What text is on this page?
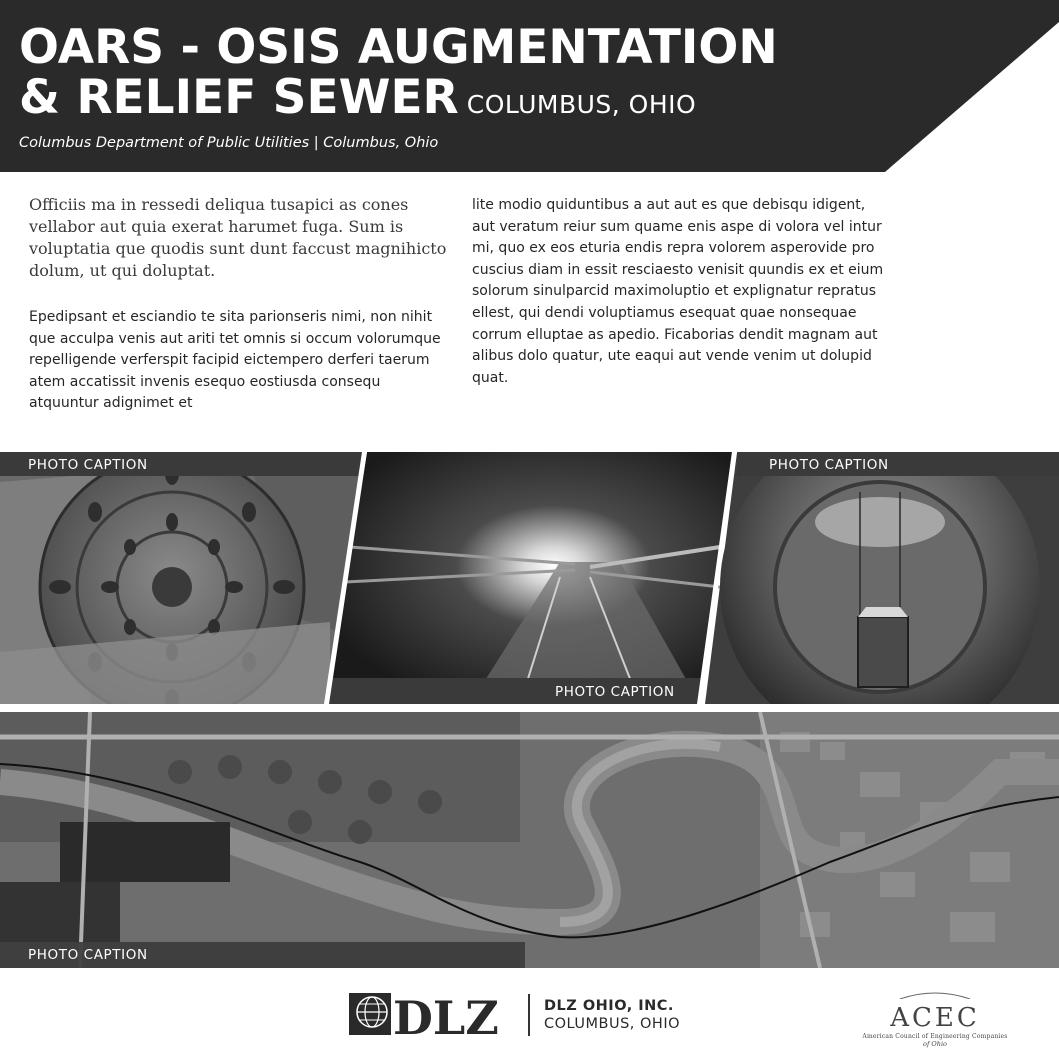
OARS - OSIS AUGMENTATION
& RELIEF SEWER COLUMBUS, OHIO
Columbus Department of Public Utilities | Columbus, Ohio

Officiis ma in ressedi deliqua tusapici as cones vellabor aut quia exerat harumet fuga. Sum is voluptatia que quodis sunt dunt faccust magnihicto dolum, ut qui doluptat.

Epedipsant et esciandio te sita parionseris nimi, non nihit que acculpa venis aut ariti tet omnis si occum volorumque repelligende verferspit facipid eictempero derferi taerum atem accatissit invenis esequo eostiusda consequ atquuntur adignimet et

lite modio quiduntibus a aut aut es que debisqu idigent, aut veratum reiur sum quame enis aspe di volora vel intur mi, quo ex eos eturia endis repra volorem asperovide pro cuscius diam in essit resciaesto venisit quundis ex et eium solorum sinulparcid maximoluptio et explignatur repratus ellest, qui dendi voluptiamus esequat quae nonsequae corrum elluptae as apedio. Ficaborias dendit magnam aut alibus dolo quatur, ute eaqui aut vende venim ut dolupid quat.

PHOTO CAPTION
PHOTO CAPTION
PHOTO CAPTION
PHOTO CAPTION
DLZ	DLZ OHIO, INC.
COLUMBUS, OHIO	ACEC
American Council of Engineering Companies
of Ohio
